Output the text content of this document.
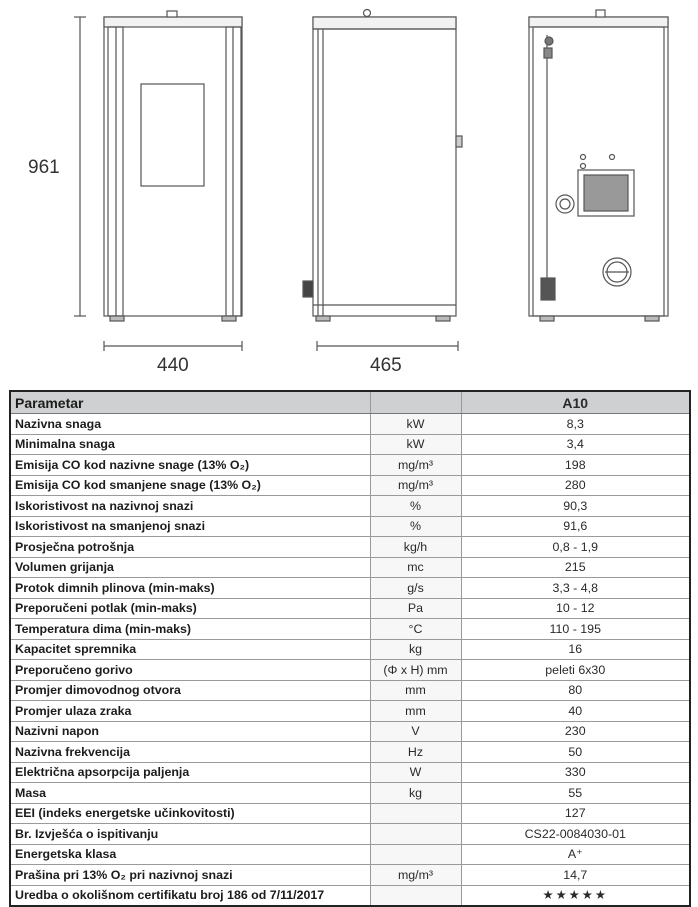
961
440	465
Parametar		A10
Nazivna snaga	kW	8,3
Minimalna snaga	kW	3,4
Emisija CO kod nazivne snage (13% O₂)	mg/m³	198
Emisija CO kod smanjene snage (13% O₂)	mg/m³	280
Iskoristivost na nazivnoj snazi	%	90,3
Iskoristivost na smanjenoj snazi	%	91,6
Prosječna potrošnja	kg/h	0,8 - 1,9
Volumen grijanja	mc	215
Protok dimnih plinova (min-maks)	g/s	3,3 - 4,8
Preporučeni potlak (min-maks)	Pa	10 - 12
Temperatura dima (min-maks)	°C	110 - 195
Kapacitet spremnika	kg	16
Preporučeno gorivo	(Φ x H) mm	peleti 6x30
Promjer dimovodnog otvora	mm	80
Promjer ulaza zraka	mm	40
Nazivni napon	V	230
Nazivna frekvencija	Hz	50
Električna apsorpcija paljenja	W	330
Masa	kg	55
EEI (indeks energetske učinkovitosti)		127
Br. Izvješća o ispitivanju		CS22-0084030-01
Energetska klasa		A⁺
Prašina pri 13% O₂ pri nazivnoj snazi	mg/m³	14,7
Uredba o okolišnom certifikatu broj 186 od 7/11/2017		★★★★★
